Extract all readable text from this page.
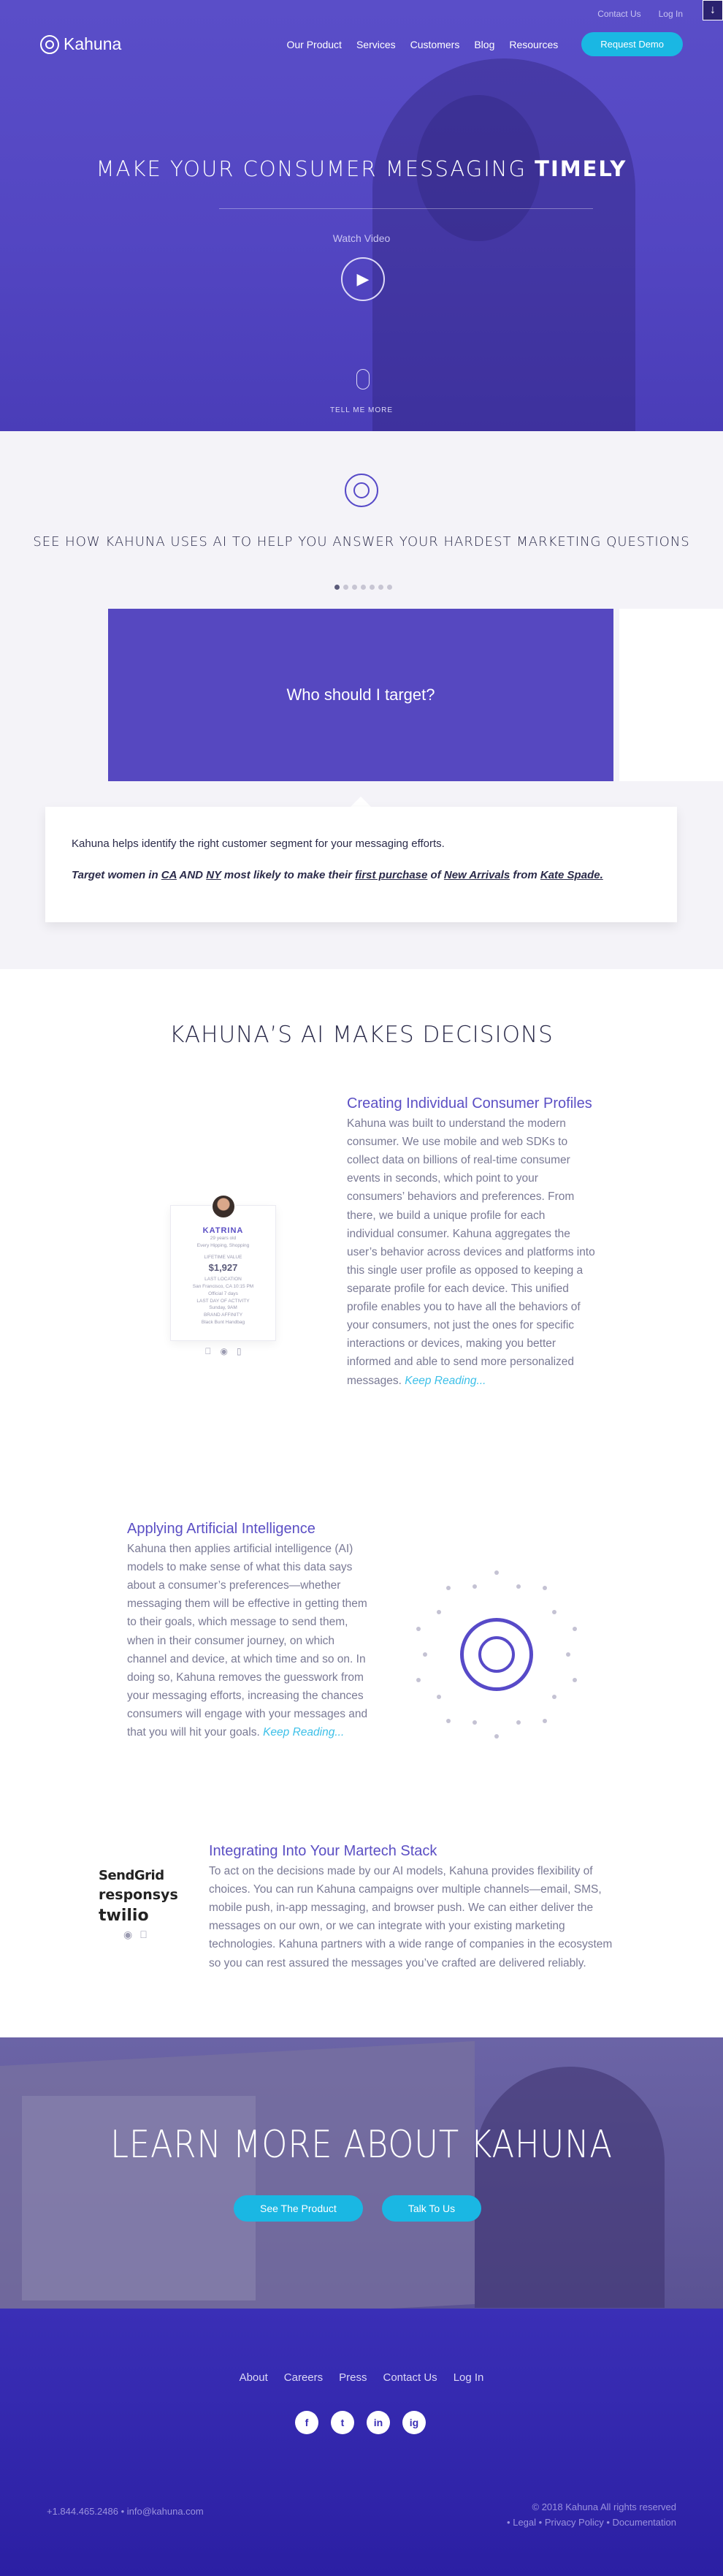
Contact Us Log In	↓
Kahuna	Our Product Services Customers Blog Resources	Request Demo
MAKE YOUR CONSUMER MESSAGING TIMELY
Watch Video
▶
TELL ME MORE
SEE HOW KAHUNA USES AI TO HELP YOU ANSWER YOUR HARDEST MARKETING QUESTIONS
Who should I target?

Kahuna helps identify the right customer segment for your messaging efforts.

Target women in CA AND NY most likely to make their first purchase of New Arrivals from Kate Spade.

KAHUNA’S AI MAKES DECISIONS
KATRINA
29 years old
Every Hipping, Shopping
LIFETIME VALUE
$1,927
LAST LOCATION
San Francisco, CA 10:15 PM
Official 7 days
LAST DAY OF ACTIVITY
Sunday, 9AM
BRAND AFFINITY
Black Bunt Handbag
◉ ▯
Creating Individual Consumer Profiles

Kahuna was built to understand the modern consumer. We use mobile and web SDKs to collect data on billions of real-time consumer events in seconds, which point to your consumers’ behaviors and preferences. From there, we build a unique profile for each individual consumer. Kahuna aggregates the user’s behavior across devices and platforms into this single user profile as opposed to keeping a separate profile for each device. This unified profile enables you to have all the behaviors of your consumers, not just the ones for specific interactions or devices, making you better informed and able to send more personalized messages. Keep Reading...

Applying Artificial Intelligence

Kahuna then applies artificial intelligence (AI) models to make sense of what this data says about a consumer’s preferences—whether messaging them will be effective in getting them to their goals, which message to send them, when in their consumer journey, on which channel and device, at which time and so on. In doing so, Kahuna removes the guesswork from your messaging efforts, increasing the chances consumers will engage with your messages and that you will hit your goals. Keep Reading...

SendGrid
responsys
twilio
◉
Integrating Into Your Martech Stack

To act on the decisions made by our AI models, Kahuna provides flexibility of choices. You can run Kahuna campaigns over multiple channels—email, SMS, mobile push, in-app messaging, and browser push. We can either deliver the messages on our own, or we can integrate with your existing marketing technologies. Kahuna partners with a wide range of companies in the ecosystem so you can rest assured the messages you’ve crafted are delivered reliably.

LEARN MORE ABOUT KAHUNA
See The Product	Talk To Us
About Careers Press Contact Us Log In
f	t	in	ig
+1.844.465.2486 • info@kahuna.com	© 2018 Kahuna All rights reserved
• Legal • Privacy Policy • Documentation
